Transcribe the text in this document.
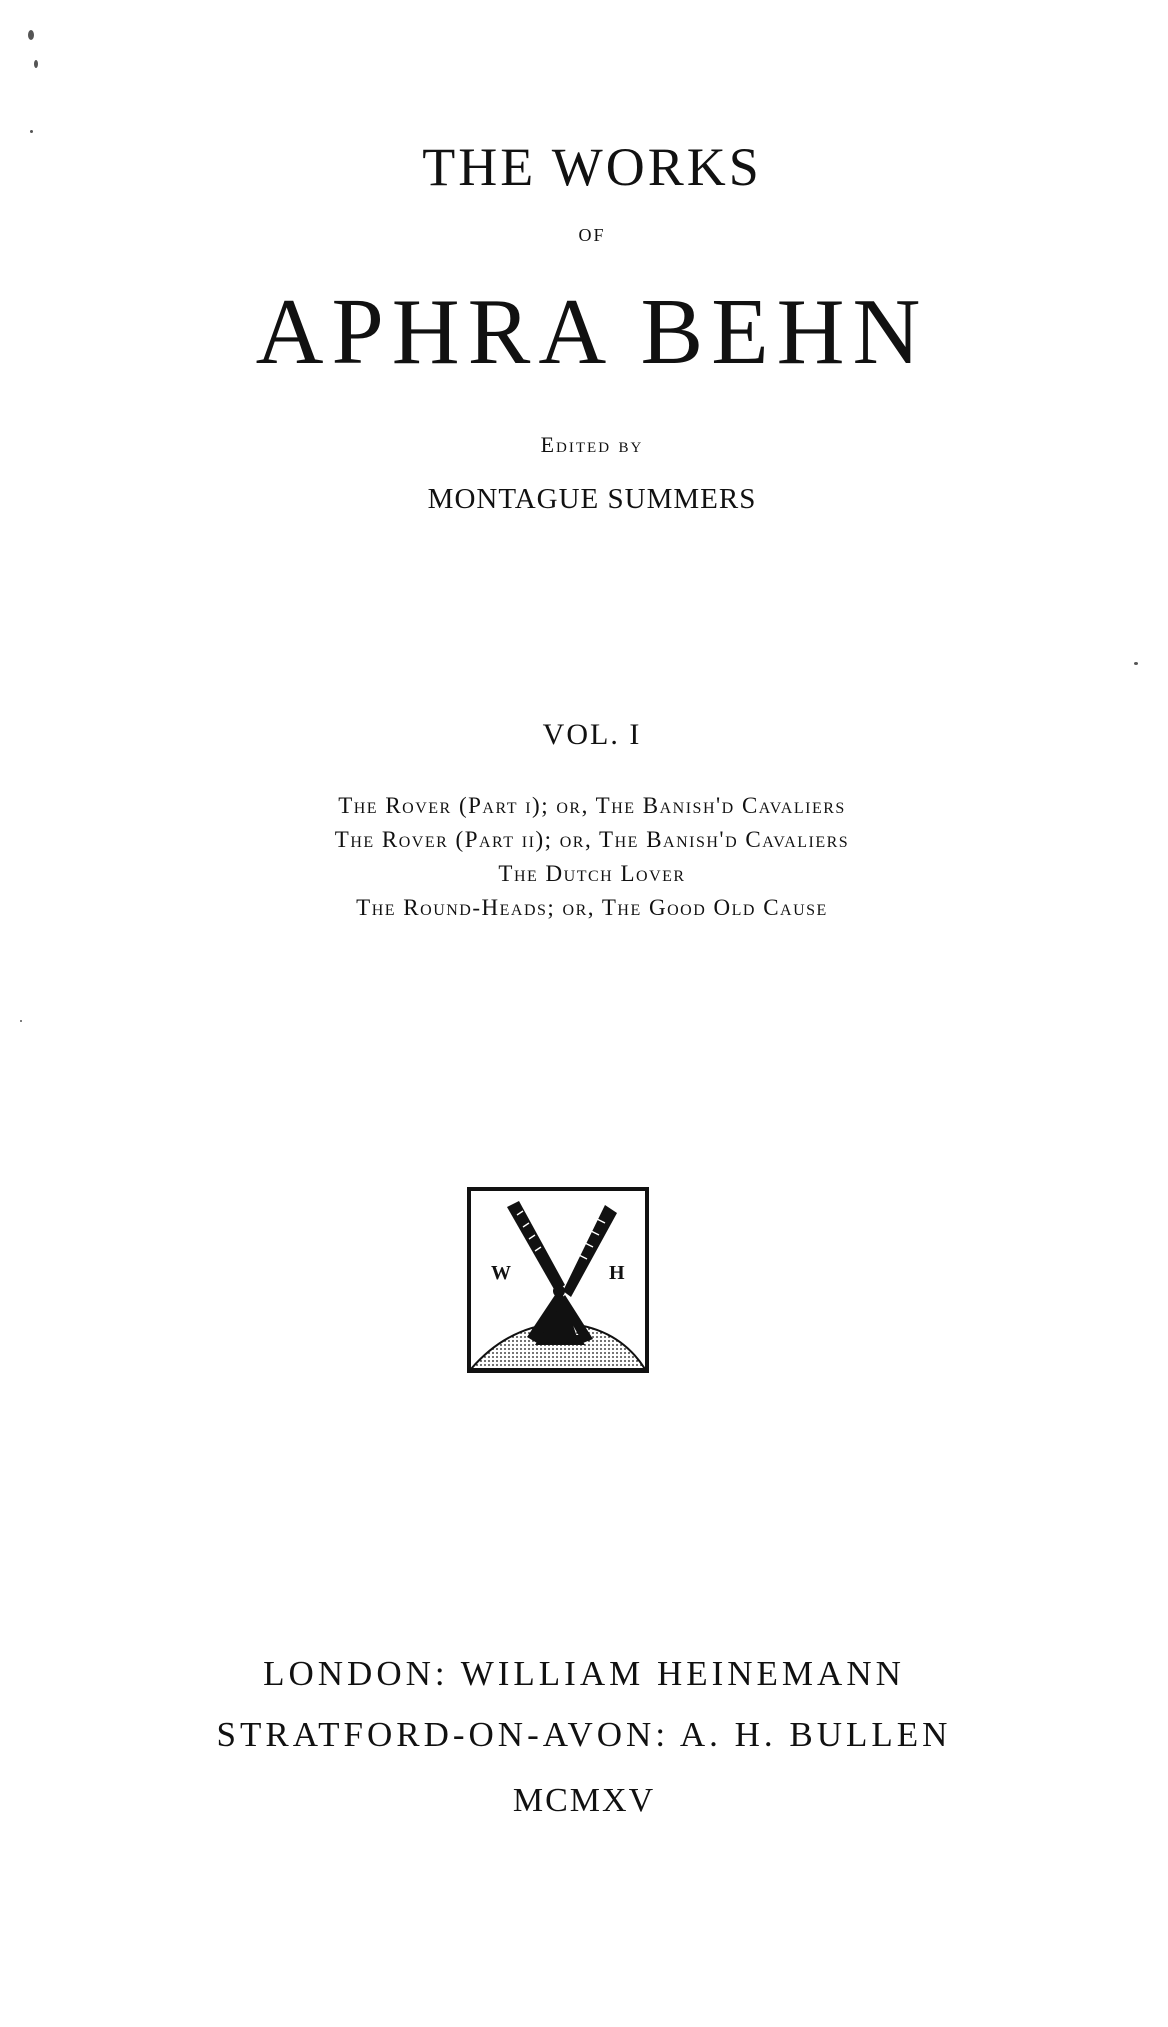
THE WORKS
OF
APHRA BEHN
Edited by
MONTAGUE SUMMERS
VOL. I
The Rover (Part i); or, The Banish'd Cavaliers
The Rover (Part ii); or, The Banish'd Cavaliers
The Dutch Lover
The Round-Heads; or, The Good Old Cause
W	H
LONDON: WILLIAM HEINEMANN
STRATFORD-ON-AVON: A. H. BULLEN
MCMXV
